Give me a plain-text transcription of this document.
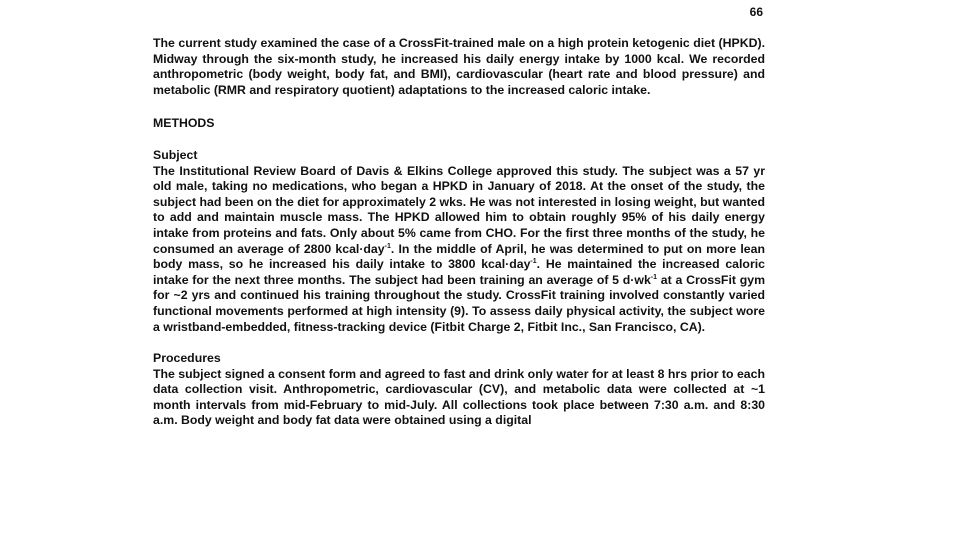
66

The current study examined the case of a CrossFit-trained male on a high protein ketogenic diet (HPKD). Midway through the six-month study, he increased his daily energy intake by 1000 kcal. We recorded anthropometric (body weight, body fat, and BMI), cardiovascular (heart rate and blood pressure) and metabolic (RMR and respiratory quotient) adaptations to the increased caloric intake.

METHODS

Subject

The Institutional Review Board of Davis & Elkins College approved this study. The subject was a 57 yr old male, taking no medications, who began a HPKD in January of 2018. At the onset of the study, the subject had been on the diet for approximately 2 wks. He was not interested in losing weight, but wanted to add and maintain muscle mass. The HPKD allowed him to obtain roughly 95% of his daily energy intake from proteins and fats. Only about 5% came from CHO. For the first three months of the study, he consumed an average of 2800 kcal·day$^{-1}$. In the middle of April, he was determined to put on more lean body mass, so he increased his daily intake to 3800 kcal·day$^{-1}$. He maintained the increased caloric intake for the next three months. The subject had been training an average of 5 $d\cdot wk^{-1}$ at a CrossFit gym for ~2 yrs and continued his training throughout the study. CrossFit training involved constantly varied functional movements performed at high intensity (9). To assess daily physical activity, the subject wore a wristband-embedded, fitness-tracking device (Fitbit Charge 2, Fitbit Inc., San Francisco, CA).

Procedures

The subject signed a consent form and agreed to fast and drink only water for at least 8 hrs prior to each data collection visit. Anthropometric, cardiovascular (CV), and metabolic data were collected at ~1 month intervals from mid-February to mid-July. All collections took place between 7:30 a.m. and 8:30 a.m. Body weight and body fat data were obtained using a digital
